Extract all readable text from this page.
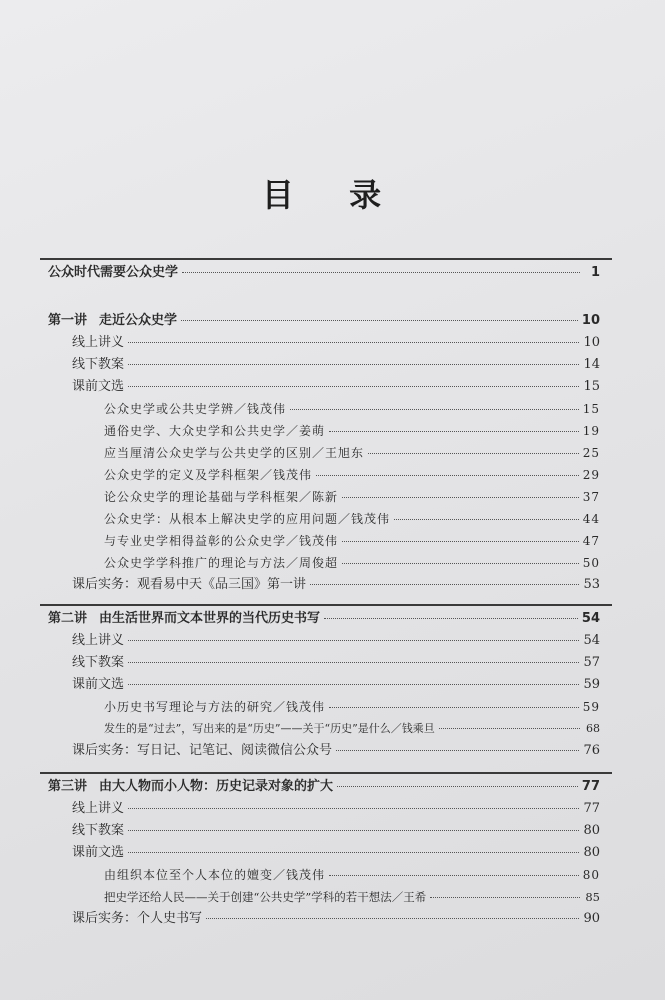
目 录
公众时代需要公众史学	1
第一讲 走近公众史学	10
线上讲义	10
线下教案	14
课前文选	15
公众史学或公共史学辨／钱茂伟	15
通俗史学、大众史学和公共史学／姜萌	19
应当厘清公众史学与公共史学的区别／王旭东	25
公众史学的定义及学科框架／钱茂伟	29
论公众史学的理论基础与学科框架／陈新	37
公众史学：从根本上解决史学的应用问题／钱茂伟	44
与专业史学相得益彰的公众史学／钱茂伟	47
公众史学学科推广的理论与方法／周俊超	50
课后实务：观看易中天《品三国》第一讲	53
第二讲 由生活世界而文本世界的当代历史书写	54
线上讲义	54
线下教案	57
课前文选	59
小历史书写理论与方法的研究／钱茂伟	59
发生的是“过去”，写出来的是“历史”——关于“历史”是什么／钱乘旦	68
课后实务：写日记、记笔记、阅读微信公众号	76
第三讲 由大人物而小人物：历史记录对象的扩大	77
线上讲义	77
线下教案	80
课前文选	80
由组织本位至个人本位的嬗变／钱茂伟	80
把史学还给人民——关于创建“公共史学”学科的若干想法／王希	85
课后实务：个人史书写	90
